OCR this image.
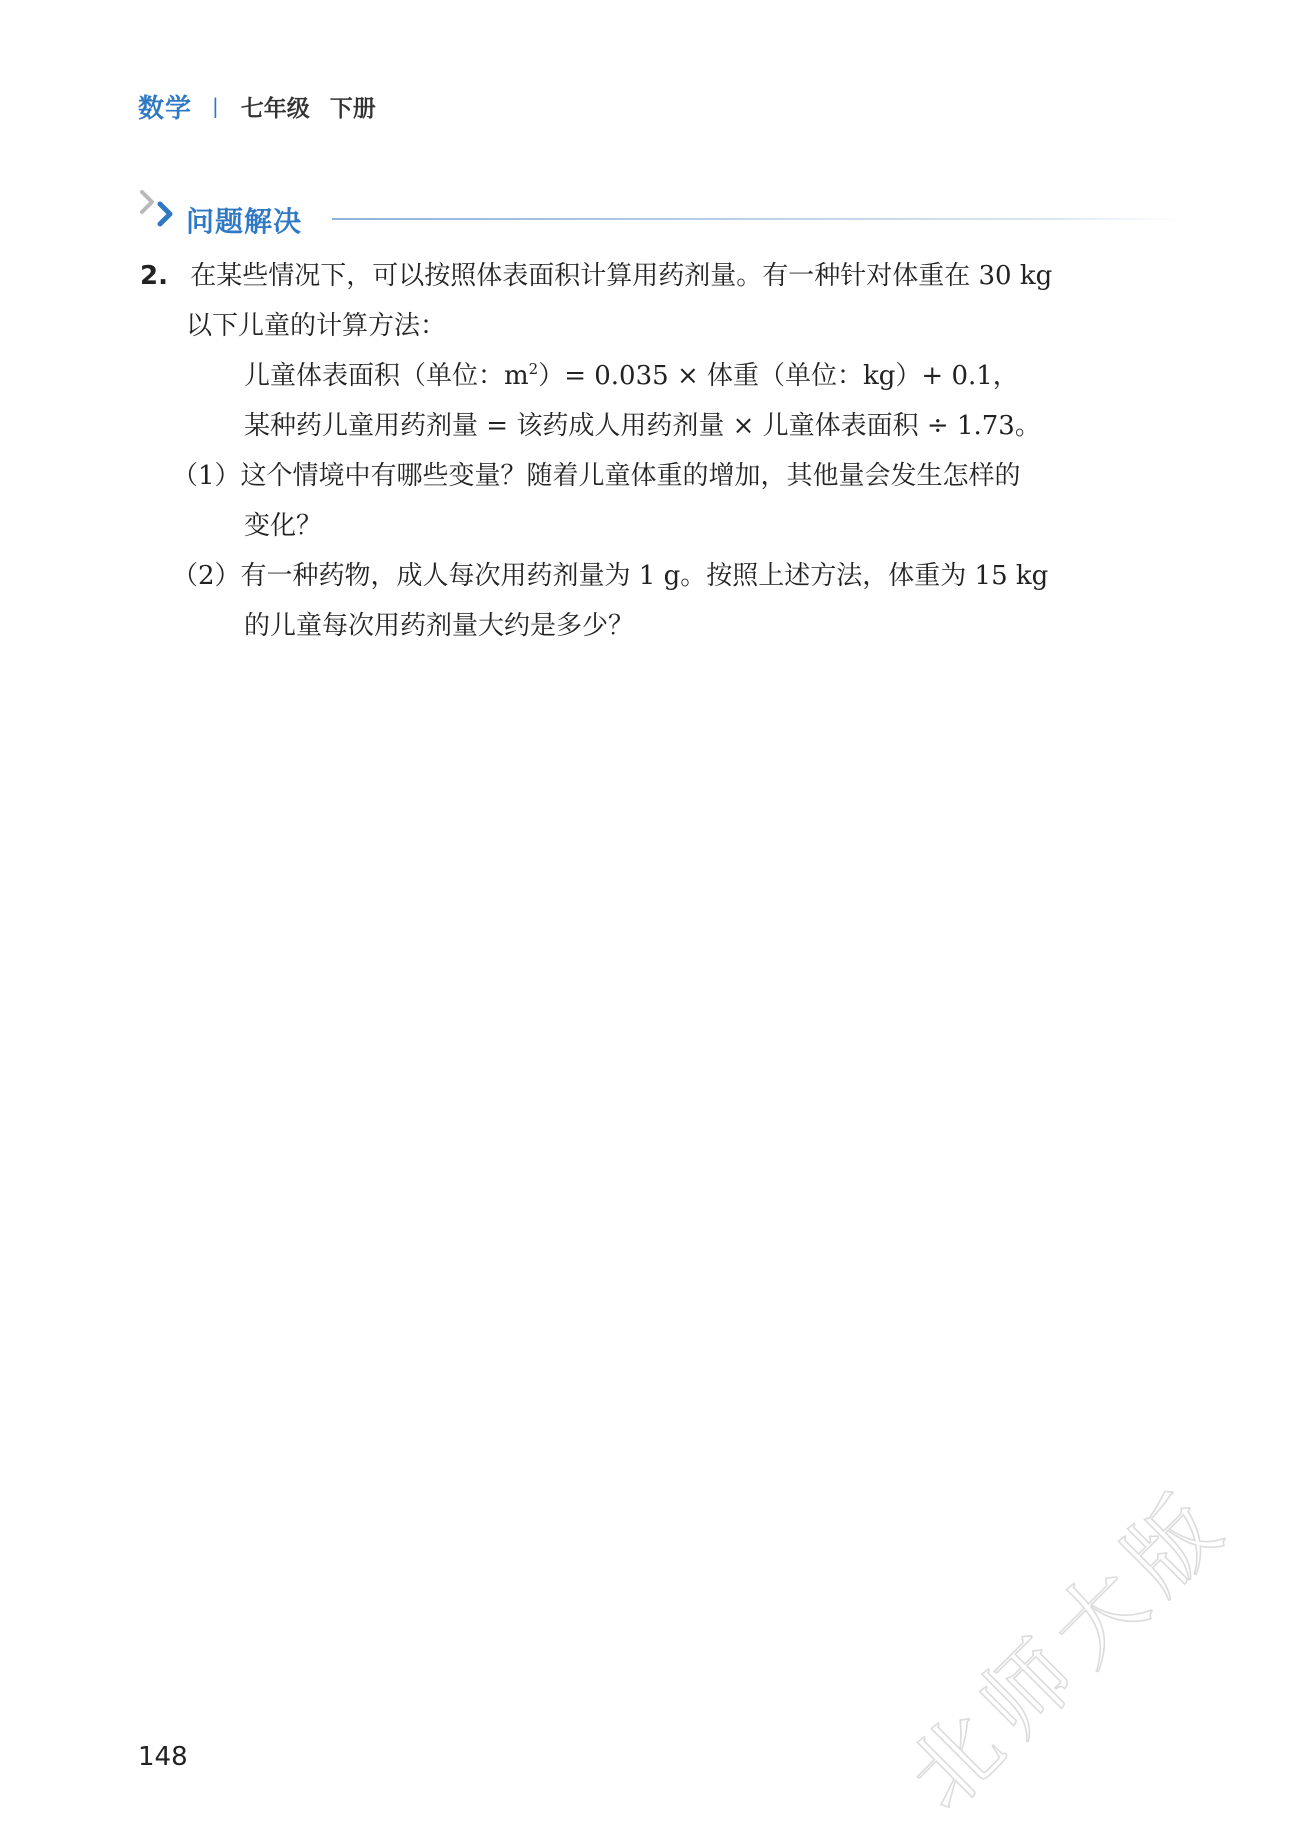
数学 | 七年级 下册
问题解决
2. 在某些情况下，可以按照体表面积计算用药剂量。有一种针对体重在 30 kg
以下儿童的计算方法：
儿童体表面积（单位：$m^2)= 0.035$ × 体重（单位：kg）+ 0.1，
某种药儿童用药剂量 = 该药成人用药剂量 × 儿童体表面积 ÷ 1.73。
（1）这个情境中有哪些变量？随着儿童体重的增加，其他量会发生怎样的
变化？
（2）有一种药物，成人每次用药剂量为 1 g。按照上述方法，体重为 15 kg
的儿童每次用药剂量大约是多少？
148	北师大版
